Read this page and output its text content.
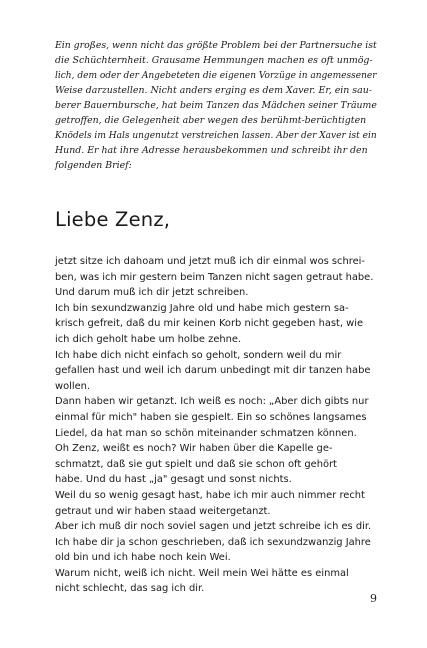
Ein großes, wenn nicht das größte Problem bei der Partnersuche ist
die Schüchternheit. Grausame Hemmungen machen es oft unmög-
lich, dem oder der Angebeteten die eigenen Vorzüge in angemessener
Weise darzustellen. Nicht anders erging es dem Xaver. Er, ein sau-
berer Bauernbursche, hat beim Tanzen das Mädchen seiner Träume
getroffen, die Gelegenheit aber wegen des berühmt-berüchtigten
Knödels im Hals ungenutzt verstreichen lassen. Aber der Xaver ist ein
Hund. Er hat ihre Adresse herausbekommen und schreibt ihr den
folgenden Brief:
Liebe Zenz,
jetzt sitze ich dahoam und jetzt muß ich dir einmal wos schrei-
ben, was ich mir gestern beim Tanzen nicht sagen getraut habe.
Und darum muß ich dir jetzt schreiben.
Ich bin sexundzwanzig Jahre old und habe mich gestern sa-
krisch gefreit, daß du mir keinen Korb nicht gegeben hast, wie
ich dich geholt habe um holbe zehne.
Ich habe dich nicht einfach so geholt, sondern weil du mir
gefallen hast und weil ich darum unbedingt mit dir tanzen habe
wollen.
Dann haben wir getanzt. Ich weiß es noch: „Aber dich gibts nur
einmal für mich" haben sie gespielt. Ein so schönes langsames
Liedel, da hat man so schön miteinander schmatzen können.
Oh Zenz, weißt es noch? Wir haben über die Kapelle ge-
schmatzt, daß sie gut spielt und daß sie schon oft gehört
habe. Und du hast „ja" gesagt und sonst nichts.
Weil du so wenig gesagt hast, habe ich mir auch nimmer recht
getraut und wir haben staad weitergetanzt.
Aber ich muß dir noch soviel sagen und jetzt schreibe ich es dir.
Ich habe dir ja schon geschrieben, daß ich sexundzwanzig Jahre
old bin und ich habe noch kein Wei.
Warum nicht, weiß ich nicht. Weil mein Wei hätte es einmal
nicht schlecht, das sag ich dir.
9
